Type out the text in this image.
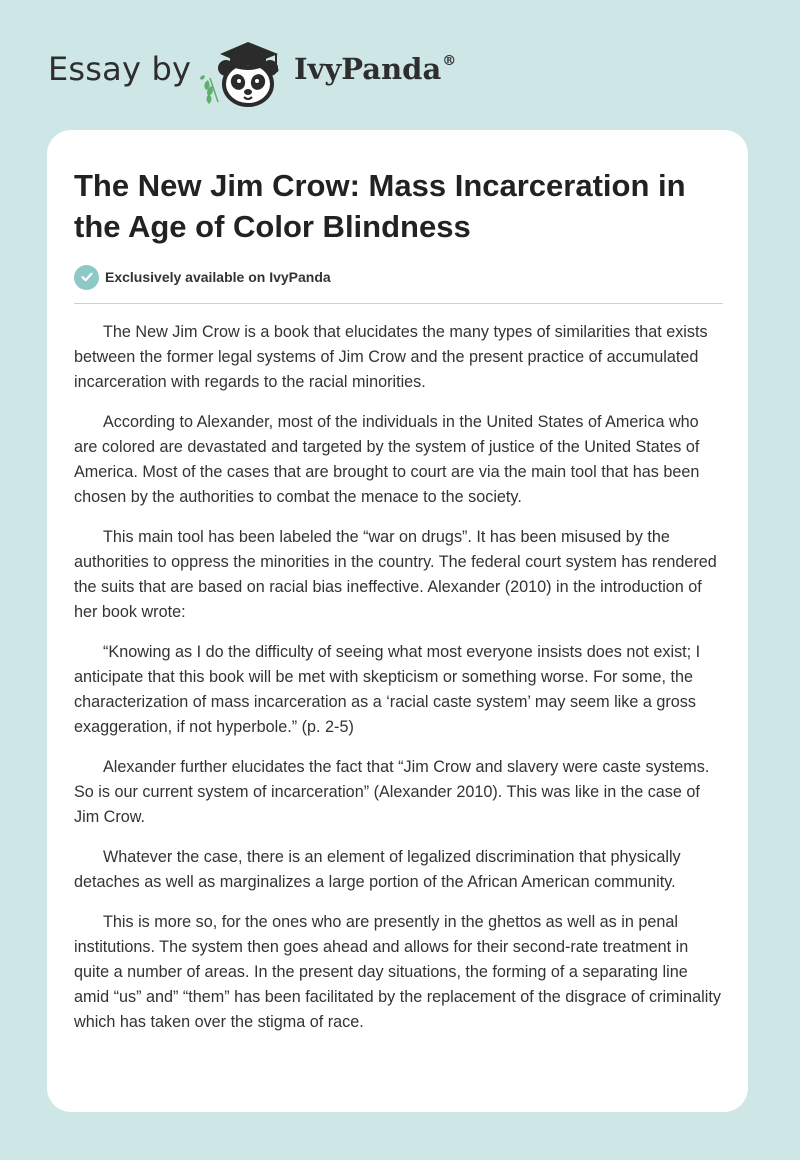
Essay by	IvyPanda®
The New Jim Crow: Mass Incarceration in the Age of Color Blindness
Exclusively available on IvyPanda

The New Jim Crow is a book that elucidates the many types of similarities that exists between the former legal systems of Jim Crow and the present practice of accumulated incarceration with regards to the racial minorities.

According to Alexander, most of the individuals in the United States of America who are colored are devastated and targeted by the system of justice of the United States of America. Most of the cases that are brought to court are via the main tool that has been chosen by the authorities to combat the menace to the society.

This main tool has been labeled the “war on drugs”. It has been misused by the authorities to oppress the minorities in the country. The federal court system has rendered the suits that are based on racial bias ineffective. Alexander (2010) in the introduction of her book wrote:

“Knowing as I do the difficulty of seeing what most everyone insists does not exist; I anticipate that this book will be met with skepticism or something worse. For some, the characterization of mass incarceration as a ‘racial caste system’ may seem like a gross exaggeration, if not hyperbole.” (p. 2-5)

Alexander further elucidates the fact that “Jim Crow and slavery were caste systems. So is our current system of incarceration” (Alexander 2010). This was like in the case of Jim Crow.

Whatever the case, there is an element of legalized discrimination that physically detaches as well as marginalizes a large portion of the African American community.

This is more so, for the ones who are presently in the ghettos as well as in penal institutions. The system then goes ahead and allows for their second-rate treatment in quite a number of areas. In the present day situations, the forming of a separating line amid “us” and” “them” has been facilitated by the replacement of the disgrace of criminality which has taken over the stigma of race.
